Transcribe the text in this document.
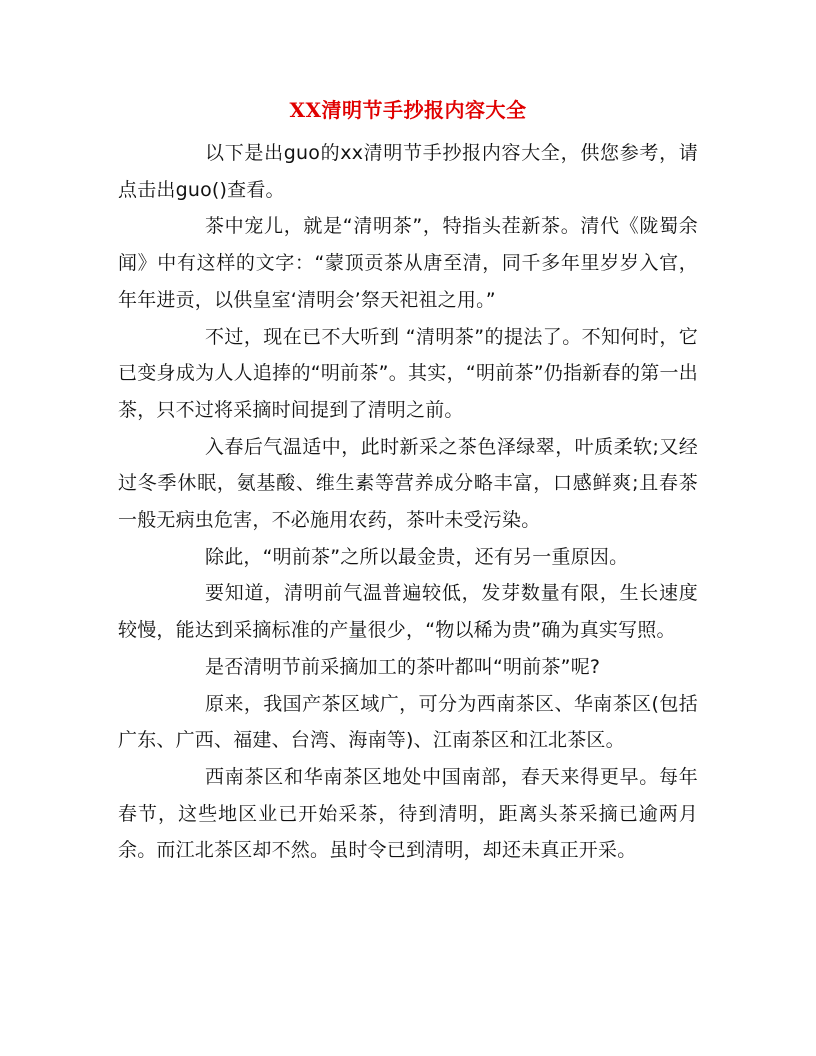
XX清明节手抄报内容大全

以下是出guo的xx清明节手抄报内容大全，供您参考，请点击出guo()查看。

茶中宠儿，就是“清明茶”，特指头茬新茶。清代《陇蜀余闻》中有这样的文字：“蒙顶贡茶从唐至清，同千多年里岁岁入官，年年进贡，以供皇室‘清明会’祭天祀祖之用。”

不过，现在已不大听到 “清明茶”的提法了。不知何时，它已变身成为人人追捧的“明前茶”。其实，“明前茶”仍指新春的第一出茶，只不过将采摘时间提到了清明之前。

入春后气温适中，此时新采之茶色泽绿翠，叶质柔软;又经过冬季休眠，氨基酸、维生素等营养成分略丰富，口感鲜爽;且春茶一般无病虫危害，不必施用农药，茶叶未受污染。

除此，“明前茶”之所以最金贵，还有另一重原因。

要知道，清明前气温普遍较低，发芽数量有限，生长速度较慢，能达到采摘标准的产量很少，“物以稀为贵”确为真实写照。

是否清明节前采摘加工的茶叶都叫“明前茶”呢?

原来，我国产茶区域广，可分为西南茶区、华南茶区(包括广东、广西、福建、台湾、海南等)、江南茶区和江北茶区。

西南茶区和华南茶区地处中国南部，春天来得更早。每年春节，这些地区业已开始采茶，待到清明，距离头茶采摘已逾两月余。而江北茶区却不然。虽时令已到清明，却还未真正开采。
